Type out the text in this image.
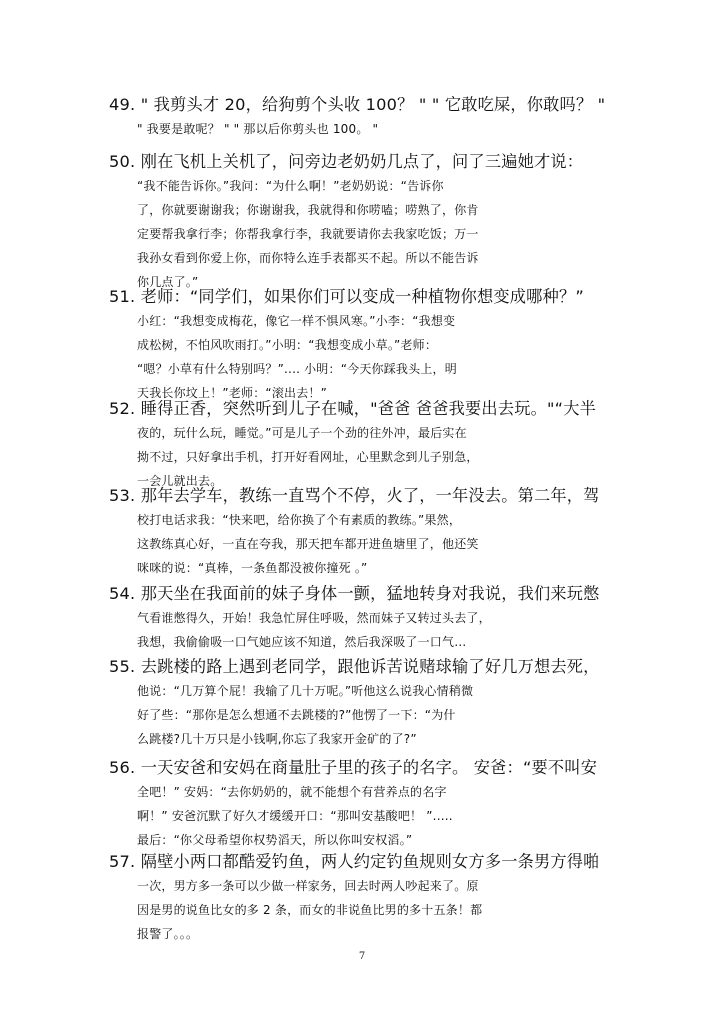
49. " 我剪头才 20，给狗剪个头收 100？ " " 它敢吃屎，你敢吗？ "
" 我要是敢呢？ " " 那以后你剪头也 100。 "
50. 刚在飞机上关机了，问旁边老奶奶几点了，问了三遍她才说：
“我不能告诉你。”我问：“为什么啊！”老奶奶说：“告诉你
了，你就要谢谢我；你谢谢我，我就得和你唠嗑；唠熟了，你肯
定要帮我拿行李；你帮我拿行李，我就要请你去我家吃饭；万一
我孙女看到你爱上你，而你特么连手表都买不起。所以不能告诉
你几点了。”
51. 老师：“同学们，如果你们可以变成一种植物你想变成哪种？”
小红：“我想变成梅花，像它一样不惧风寒。”小李：“我想变
成松树，不怕风吹雨打。”小明：“我想变成小草。”老师：
“嗯？小草有什么特别吗？”.... 小明：“今天你踩我头上，明
天我长你坟上！”老师：“滚出去！”
52. 睡得正香，突然听到儿子在喊，"爸爸 爸爸我要出去玩。"“大半
夜的，玩什么玩，睡觉。”可是儿子一个劲的往外冲，最后实在
拗不过，只好拿出手机，打开好看网址，心里默念到儿子别急，
一会儿就出去。
53. 那年去学车，教练一直骂个不停，火了，一年没去。第二年，驾
校打电话求我：“快来吧，给你换了个有素质的教练。”果然，
这教练真心好，一直在夸我，那天把车都开进鱼塘里了，他还笑
咪咪的说：“真棒，一条鱼都没被你撞死 。”
54. 那天坐在我面前的妹子身体一颤，猛地转身对我说，我们来玩憋
气看谁憋得久，开始！我急忙屏住呼吸，然而妹子又转过头去了，
我想，我偷偷吸一口气她应该不知道，然后我深吸了一口气…
55. 去跳楼的路上遇到老同学，跟他诉苦说赌球输了好几万想去死，
他说：“几万算个屁！我输了几十万呢。”听他这么说我心情稍微
好了些：“那你是怎么想通不去跳楼的?”他愣了一下：“为什
么跳楼?几十万只是小钱啊,你忘了我家开金矿的了?”
56. 一天安爸和安妈在商量肚子里的孩子的名字。 安爸：“要不叫安
全吧！” 安妈：“去你奶奶的，就不能想个有营养点的名字
啊！” 安爸沉默了好久才缓缓开口：“那叫安基酸吧！ ”.....
最后：“你父母希望你权势滔天，所以你叫安权滔。”
57. 隔壁小两口都酷爱钓鱼，两人约定钓鱼规则女方多一条男方得啪
一次，男方多一条可以少做一样家务，回去时两人吵起来了。原
因是男的说鱼比女的多 2 条，而女的非说鱼比男的多十五条！都
报警了。。。
7
